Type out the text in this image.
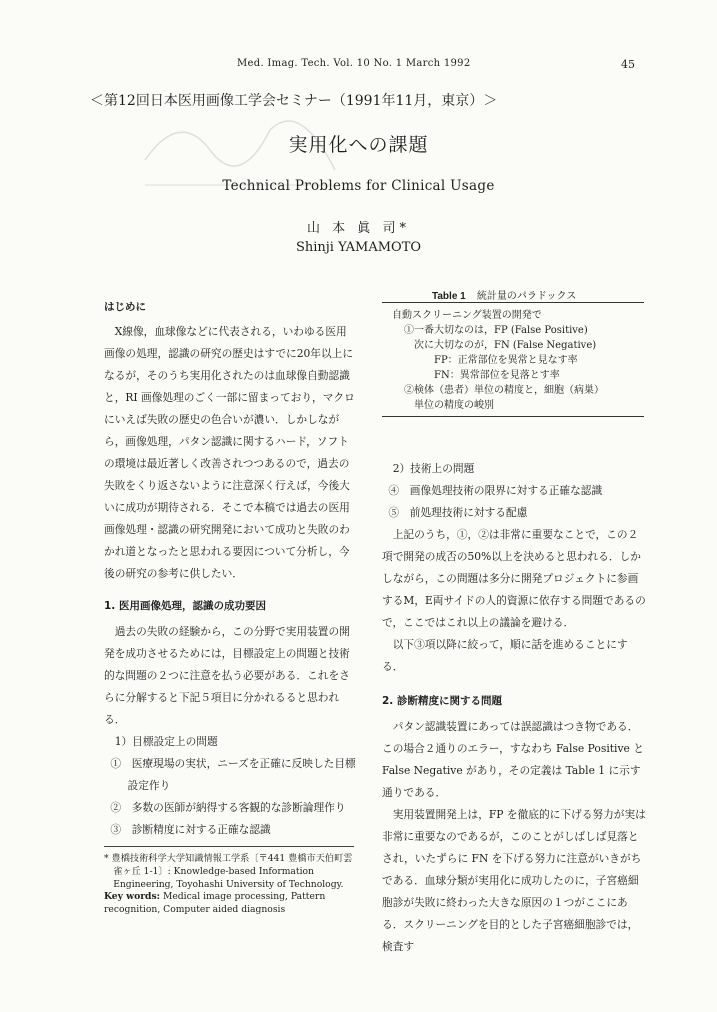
Med. Imag. Tech. Vol. 10 No. 1 March 1992	45
＜第12回日本医用画像工学会セミナー（1991年11月，東京）＞
実用化への課題
Technical Problems for Clinical Usage
山 本 眞 司*
Shinji YAMAMOTO

はじめに

X線像，血球像などに代表される，いわゆる医用画像の処理，認識の研究の歴史はすでに20年以上になるが，そのうち実用化されたのは血球像自動認識と，RI 画像処理のごく一部に留まっており，マクロにいえば失敗の歴史の色合いが濃い．しかしながら，画像処理，パタン認識に関するハード，ソフトの環境は最近著しく改善されつつあるので，過去の失敗をくり返さないように注意深く行えば，今後大いに成功が期待される．そこで本稿では過去の医用画像処理・認識の研究開発において成功と失敗のわかれ道となったと思われる要因について分析し，今後の研究の参考に供したい．

1. 医用画像処理，認識の成功要因

過去の失敗の経験から，この分野で実用装置の開発を成功させるためには，目標設定上の問題と技術的な問題の２つに注意を払う必要がある．これをさらに分解すると下記５項目に分かれるると思われる．

1）目標設定上の問題

①　医療現場の実状，ニーズを正確に反映した目標設定作り

②　多数の医師が納得する客観的な診断論理作り

③　診断精度に対する正確な認識

* 豊橋技術科学大学知識情報工学系〔〒441 豊橋市天伯町雲雀ヶ丘 1-1〕: Knowledge-based Information Engineering, Toyohashi University of Technology.
Key words: Medical image processing, Pattern recognition, Computer aided diagnosis
Table 1 統計量のパラドックス
自動スクリーニング装置の開発で
①一番大切なのは，FP (False Positive)
　次に大切なのが，FN (False Negative)
　　　FP：正常部位を異常と見なす率
　　　FN：異常部位を見落とす率
　②検体（患者）単位の精度と，細胞（病巣）
　　単位の精度の峻別

2）技術上の問題

④　画像処理技術の限界に対する正確な認識

⑤　前処理技術に対する配慮

上記のうち，①，②は非常に重要なことで，この２項で開発の成否の50%以上を決めると思われる．しかしながら，この問題は多分に開発プロジェクトに参画するM，E両サイドの人的資源に依存する問題であるので，ここではこれ以上の議論を避ける．

以下③項以降に絞って，順に話を進めることにする．

2. 診断精度に関する問題

パタン認識装置にあっては誤認識はつき物である．この場合２通りのエラー，すなわち False Positive と False Negative があり，その定義は Table 1 に示す通りである．

実用装置開発上は，FP を徹底的に下げる努力が実は非常に重要なのであるが，このことがしばしば見落とされ，いたずらに FN を下げる努力に注意がいきがちである．血球分類が実用化に成功したのに，子宮癌細胞診が失敗に終わった大きな原因の１つがここにある．スクリーニングを目的とした子宮癌細胞診では，検査す
